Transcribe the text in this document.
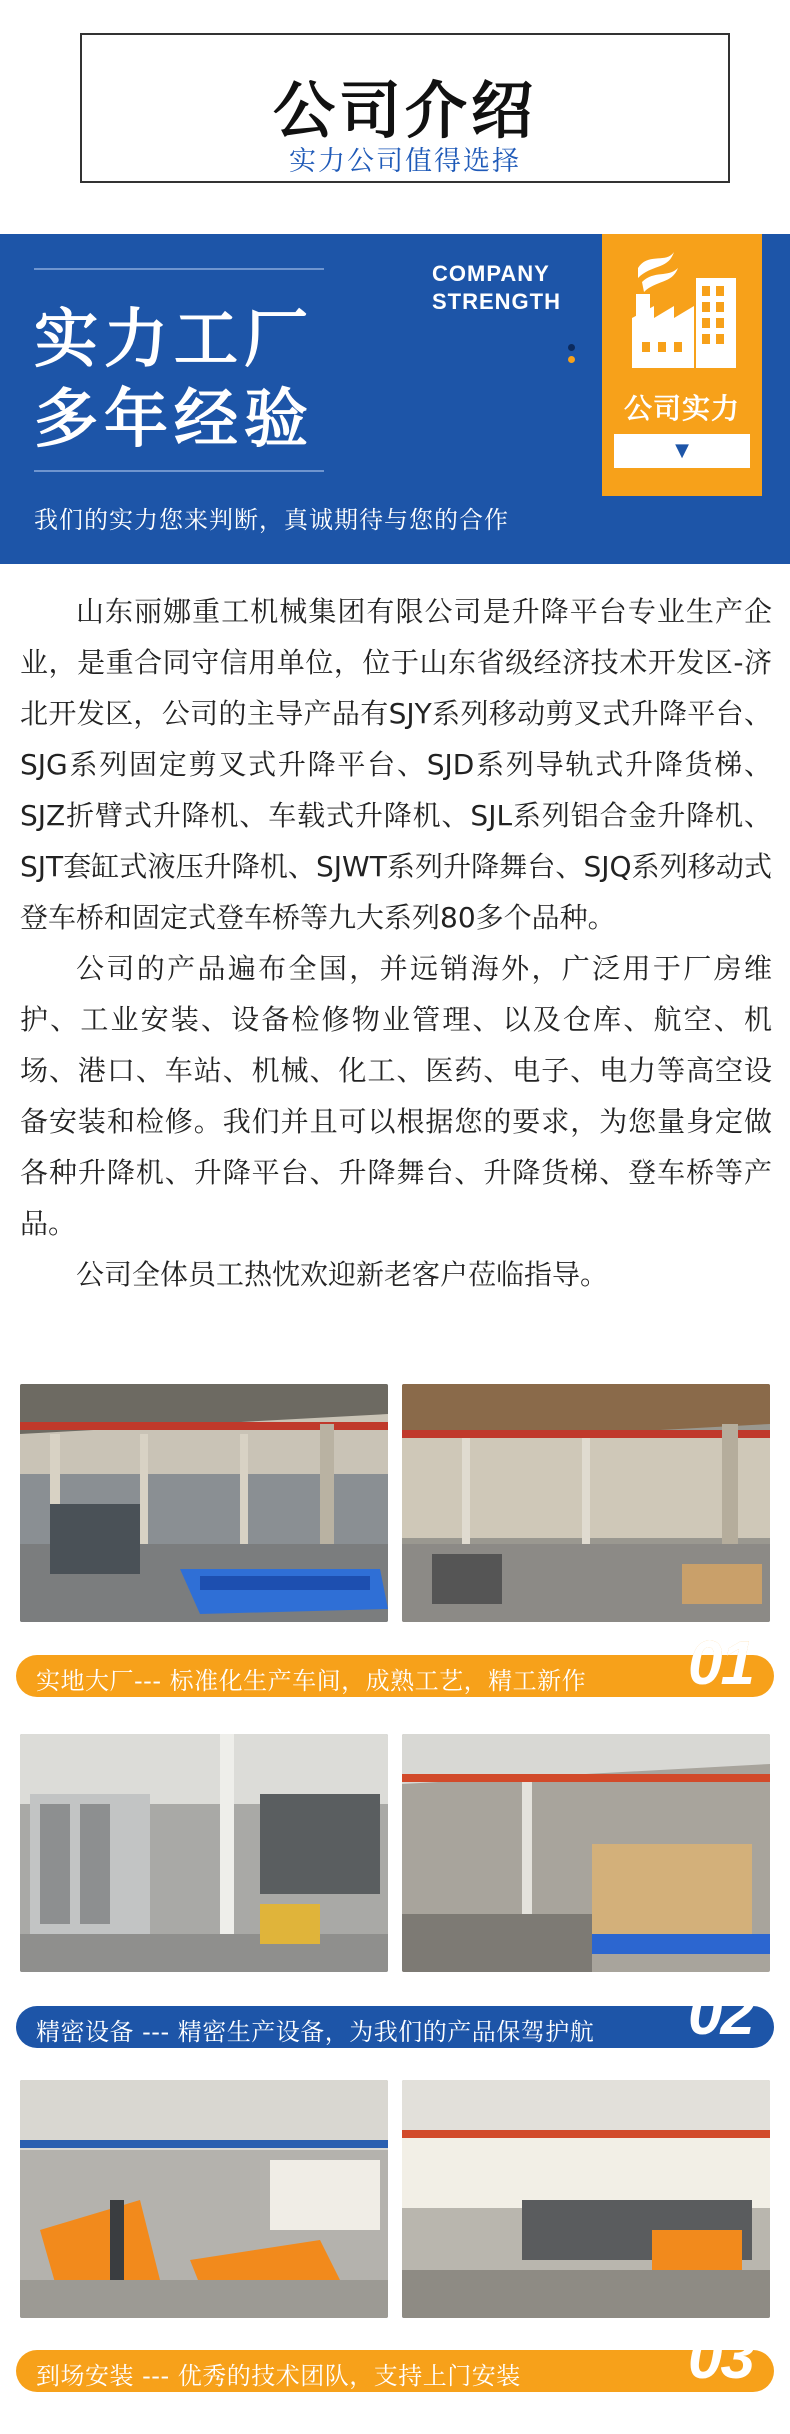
公司介绍
实力公司值得选择
实力工厂
多年经验
COMPANY
STRENGTH
我们的实力您来判断，真诚期待与您的合作
公司实力
▼

山东丽娜重工机械集团有限公司是升降平台专业生产企业，是重合同守信用单位，位于山东省级经济技术开发区-济北开发区，公司的主导产品有SJY系列移动剪叉式升降平台、SJG系列固定剪叉式升降平台、SJD系列导轨式升降货梯、SJZ折臂式升降机、车载式升降机、SJL系列铝合金升降机、SJT套缸式液压升降机、SJWT系列升降舞台、SJQ系列移动式登车桥和固定式登车桥等九大系列80多个品种。

公司的产品遍布全国，并远销海外，广泛用于厂房维护、工业安装、设备检修物业管理、以及仓库、航空、机场、港口、车站、机械、化工、医药、电子、电力等高空设备安装和检修。我们并且可以根据您的要求，为您量身定做各种升降机、升降平台、升降舞台、升降货梯、登车桥等产品。

公司全体员工热忱欢迎新老客户莅临指导。

实地大厂--- 标准化生产车间，成熟工艺，精工新作 01
精密设备 --- 精密生产设备，为我们的产品保驾护航 02
到场安装 --- 优秀的技术团队，支持上门安装	03
